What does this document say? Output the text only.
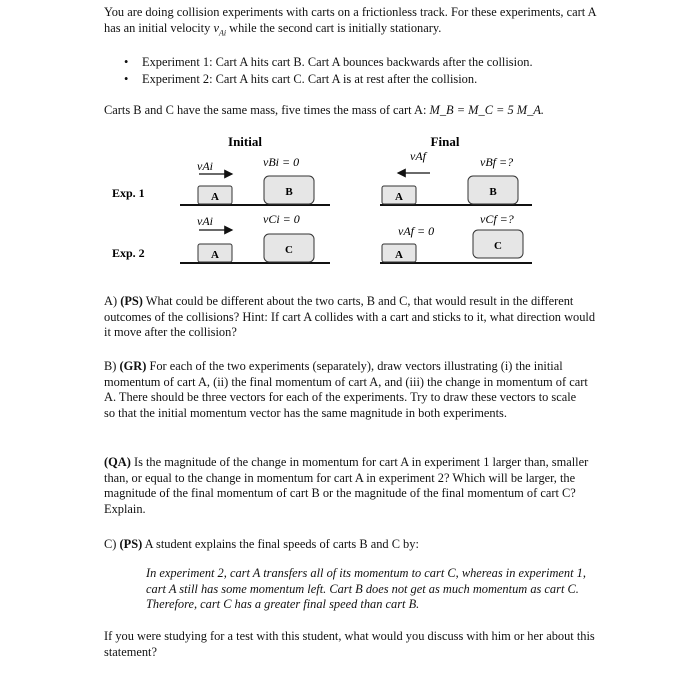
You are doing collision experiments with carts on a frictionless track. For these experiments, cart A has an initial velocity $v_{Ai}$ while the second cart is initially stationary.

• Experiment 1: Cart A hits cart B. Cart A bounces backwards after the collision.
• Experiment 2: Cart A hits cart C. Cart A is at rest after the collision.

Carts B and C have the same mass, five times the mass of cart A: M_B = M_C = 5 M_A.

Initial	Final
Exp. 1
Exp. 2
vAi	vBi = 0
A	B
vAf	vBf =?
A	B
vAi	vCi = 0
A	C
vAf = 0
vCf =?
A
C

A) (PS) What could be different about the two carts, B and C, that would result in the different outcomes of the collisions? Hint: If cart A collides with a cart and sticks to it, what direction would it move after the collision?

B) (GR) For each of the two experiments (separately), draw vectors illustrating (i) the initial momentum of cart A, (ii) the final momentum of cart A, and (iii) the change in momentum of cart A. There should be three vectors for each of the experiments. Try to draw these vectors to scale so that the initial momentum vector has the same magnitude in both experiments.

(QA) Is the magnitude of the change in momentum for cart A in experiment 1 larger than, smaller than, or equal to the change in momentum for cart A in experiment 2? Which will be larger, the magnitude of the final momentum of cart B or the magnitude of the final momentum of cart C? Explain.

C) (PS) A student explains the final speeds of carts B and C by:

In experiment 2, cart A transfers all of its momentum to cart C, whereas in experiment 1, cart A still has some momentum left. Cart B does not get as much momentum as cart C. Therefore, cart C has a greater final speed than cart B.

If you were studying for a test with this student, what would you discuss with him or her about this statement?
